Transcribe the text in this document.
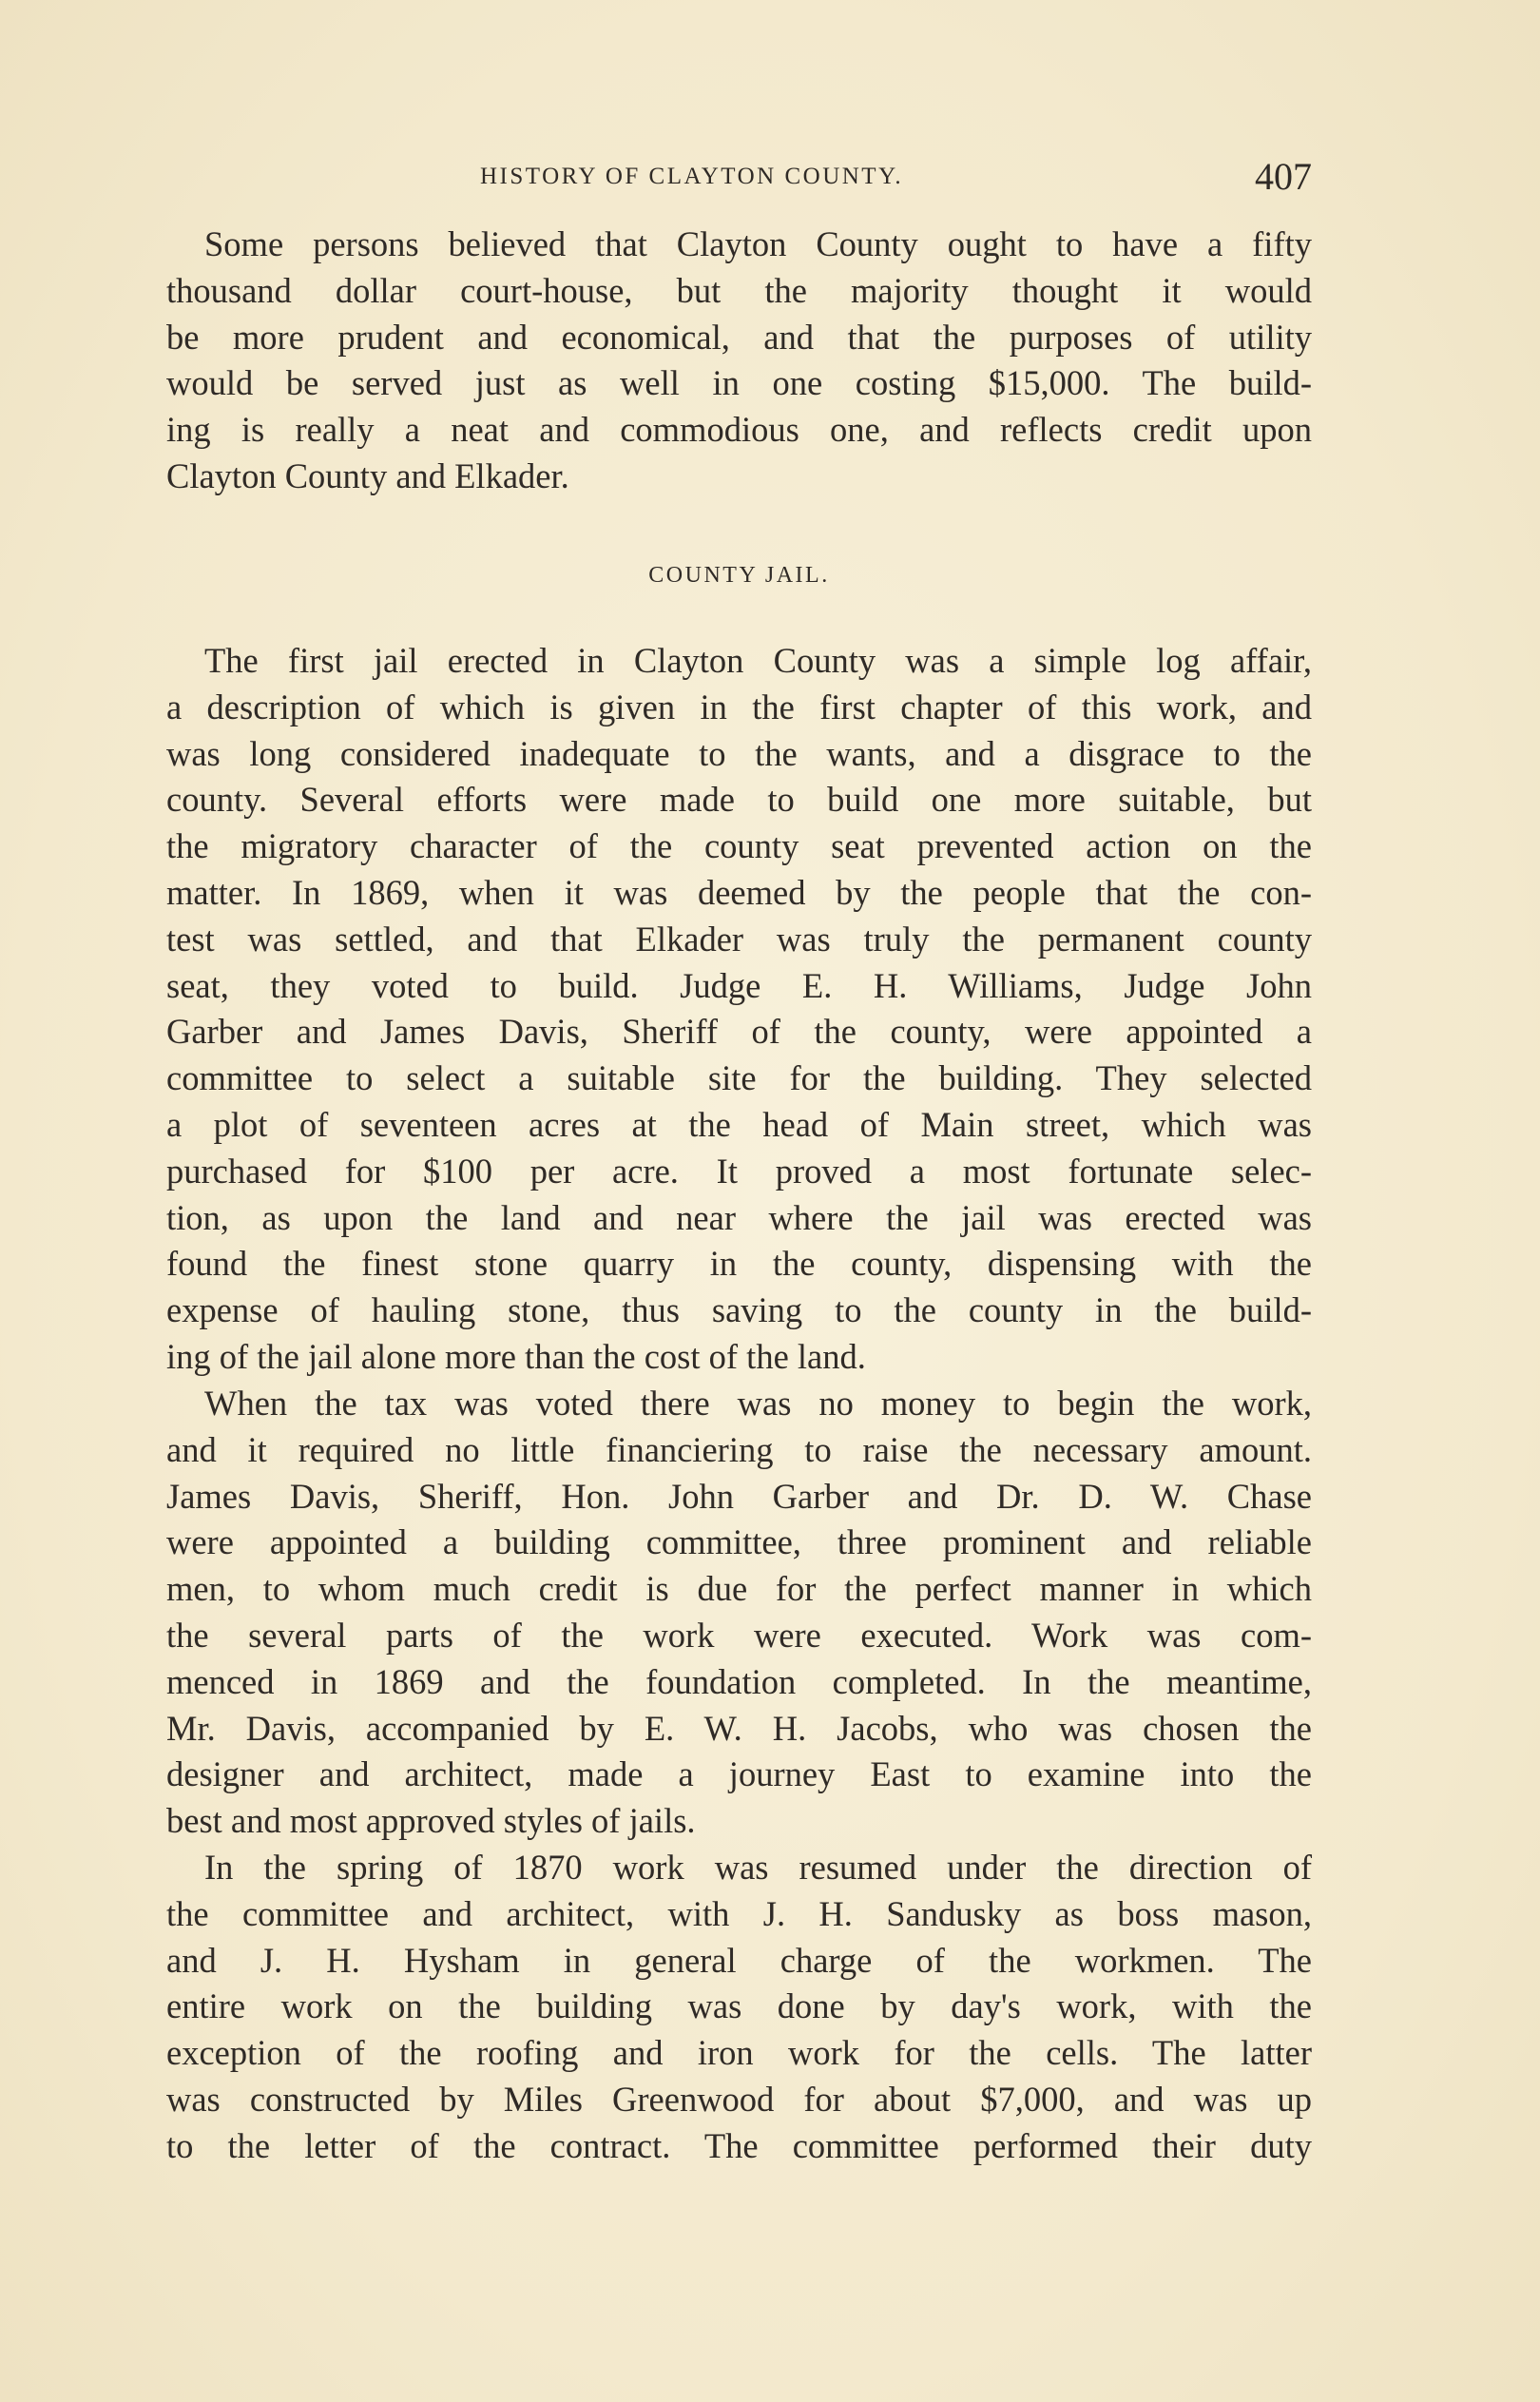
HISTORY OF CLAYTON COUNTY.	407
Some persons believed that Clayton County ought to have a fifty
thousand dollar court-house, but the majority thought it would
be more prudent and economical, and that the purposes of utility
would be served just as well in one costing $15,000. The build-
ing is really a neat and commodious one, and reflects credit upon
Clayton County and Elkader.
COUNTY JAIL.
The first jail erected in Clayton County was a simple log affair,
a description of which is given in the first chapter of this work, and
was long considered inadequate to the wants, and a disgrace to the
county. Several efforts were made to build one more suitable, but
the migratory character of the county seat prevented action on the
matter. In 1869, when it was deemed by the people that the con-
test was settled, and that Elkader was truly the permanent county
seat, they voted to build. Judge E. H. Williams, Judge John
Garber and James Davis, Sheriff of the county, were appointed a
committee to select a suitable site for the building. They selected
a plot of seventeen acres at the head of Main street, which was
purchased for $100 per acre. It proved a most fortunate selec-
tion, as upon the land and near where the jail was erected was
found the finest stone quarry in the county, dispensing with the
expense of hauling stone, thus saving to the county in the build-
ing of the jail alone more than the cost of the land.
When the tax was voted there was no money to begin the work,
and it required no little financiering to raise the necessary amount.
James Davis, Sheriff, Hon. John Garber and Dr. D. W. Chase
were appointed a building committee, three prominent and reliable
men, to whom much credit is due for the perfect manner in which
the several parts of the work were executed. Work was com-
menced in 1869 and the foundation completed. In the meantime,
Mr. Davis, accompanied by E. W. H. Jacobs, who was chosen the
designer and architect, made a journey East to examine into the
best and most approved styles of jails.
In the spring of 1870 work was resumed under the direction of
the committee and architect, with J. H. Sandusky as boss mason,
and J. H. Hysham in general charge of the workmen. The
entire work on the building was done by day's work, with the
exception of the roofing and iron work for the cells. The latter
was constructed by Miles Greenwood for about $7,000, and was up
to the letter of the contract. The committee performed their duty
